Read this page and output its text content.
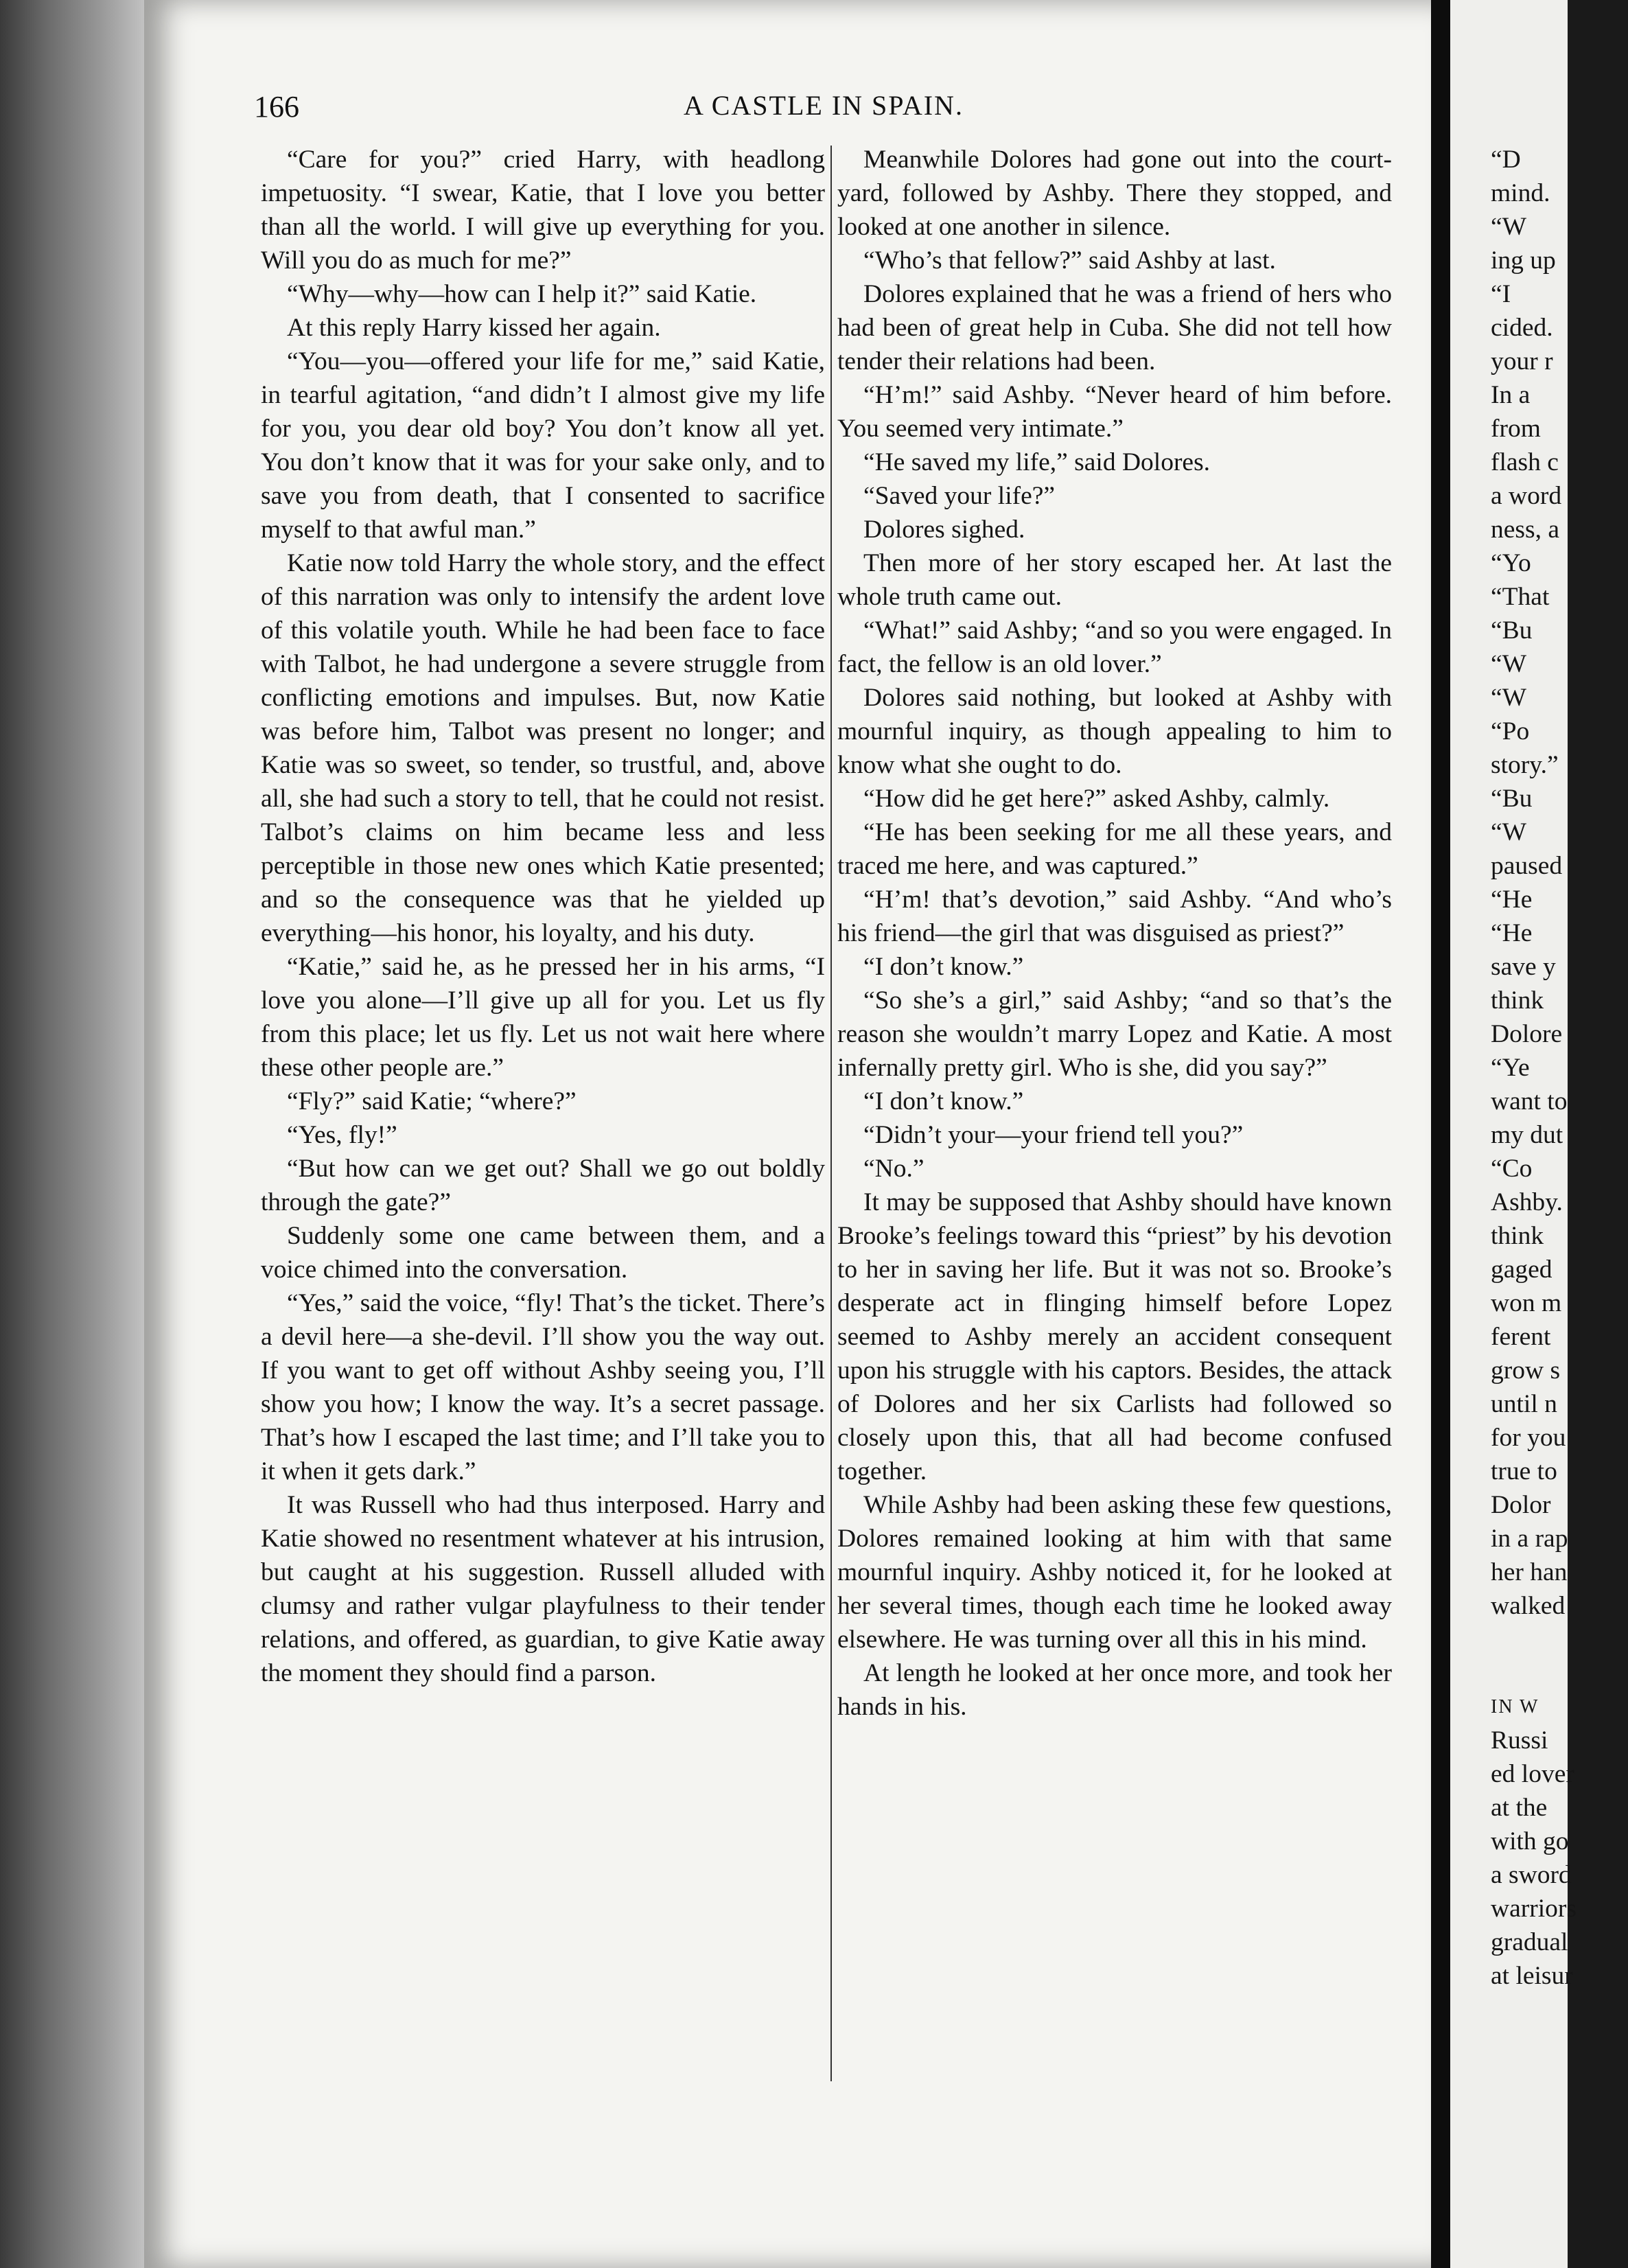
166	A CASTLE IN SPAIN.

“Care for you?” cried Harry, with headlong impetuosity. “I swear, Katie, that I love you better than all the world. I will give up everything for you. Will you do as much for me?”

“Why—why—how can I help it?” said Katie.

At this reply Harry kissed her again.

“You—you—offered your life for me,” said Katie, in tearful agitation, “and didn’t I almost give my life for you, you dear old boy? You don’t know all yet. You don’t know that it was for your sake only, and to save you from death, that I consented to sacrifice myself to that awful man.”

Katie now told Harry the whole story, and the effect of this narration was only to intensify the ardent love of this volatile youth. While he had been face to face with Talbot, he had undergone a severe struggle from conflicting emotions and impulses. But, now Katie was before him, Talbot was present no longer; and Katie was so sweet, so tender, so trustful, and, above all, she had such a story to tell, that he could not resist. Talbot’s claims on him became less and less perceptible in those new ones which Katie presented; and so the consequence was that he yielded up everything—his honor, his loyalty, and his duty.

“Katie,” said he, as he pressed her in his arms, “I love you alone—I’ll give up all for you. Let us fly from this place; let us fly. Let us not wait here where these other people are.”

“Fly?” said Katie; “where?”

“Yes, fly!”

“But how can we get out? Shall we go out boldly through the gate?”

Suddenly some one came between them, and a voice chimed into the conversation.

“Yes,” said the voice, “fly! That’s the ticket. There’s a devil here—a she-devil. I’ll show you the way out. If you want to get off without Ashby seeing you, I’ll show you how; I know the way. It’s a secret passage. That’s how I escaped the last time; and I’ll take you to it when it gets dark.”

It was Russell who had thus interposed. Harry and Katie showed no resentment whatever at his intrusion, but caught at his suggestion. Russell alluded with clumsy and rather vulgar playfulness to their tender relations, and offered, as guardian, to give Katie away the moment they should find a parson.

Meanwhile Dolores had gone out into the court-yard, followed by Ashby. There they stopped, and looked at one another in silence.

“Who’s that fellow?” said Ashby at last.

Dolores explained that he was a friend of hers who had been of great help in Cuba. She did not tell how tender their relations had been.

“H’m!” said Ashby. “Never heard of him before. You seemed very intimate.”

“He saved my life,” said Dolores.

“Saved your life?”

Dolores sighed.

Then more of her story escaped her. At last the whole truth came out.

“What!” said Ashby; “and so you were engaged. In fact, the fellow is an old lover.”

Dolores said nothing, but looked at Ashby with mournful inquiry, as though appealing to him to know what she ought to do.

“How did he get here?” asked Ashby, calmly.

“He has been seeking for me all these years, and traced me here, and was captured.”

“H’m! that’s devotion,” said Ashby. “And who’s his friend—the girl that was disguised as priest?”

“I don’t know.”

“So she’s a girl,” said Ashby; “and so that’s the reason she wouldn’t marry Lopez and Katie. A most infernally pretty girl. Who is she, did you say?”

“I don’t know.”

“Didn’t your—your friend tell you?”

“No.”

It may be supposed that Ashby should have known Brooke’s feelings toward this “priest” by his devotion to her in saving her life. But it was not so. Brooke’s desperate act in flinging himself before Lopez seemed to Ashby merely an accident consequent upon his struggle with his captors. Besides, the attack of Dolores and her six Carlists had followed so closely upon this, that all had become confused together.

While Ashby had been asking these few questions, Dolores remained looking at him with that same mournful inquiry. Ashby noticed it, for he looked at her several times, though each time he looked away elsewhere. He was turning over all this in his mind.

At length he looked at her once more, and took her hands in his.

“D
mind.
“W
ing up
“I
cided.
your r
In a
from
flash c
a word
ness, a
“Yo
“That
“Bu
“W
“W
“Po
story.”
“Bu
“W
paused
“He
“He
save y
think
Dolore
“Ye
want to
my dut
“Co
Ashby.
think
gaged
won m
ferent
grow s
until n
for you
true to
Dolor
in a rap
her han
walked
IN W
Russi
ed lover
at the
with go
a sword
warriors
gradual
at leisur
